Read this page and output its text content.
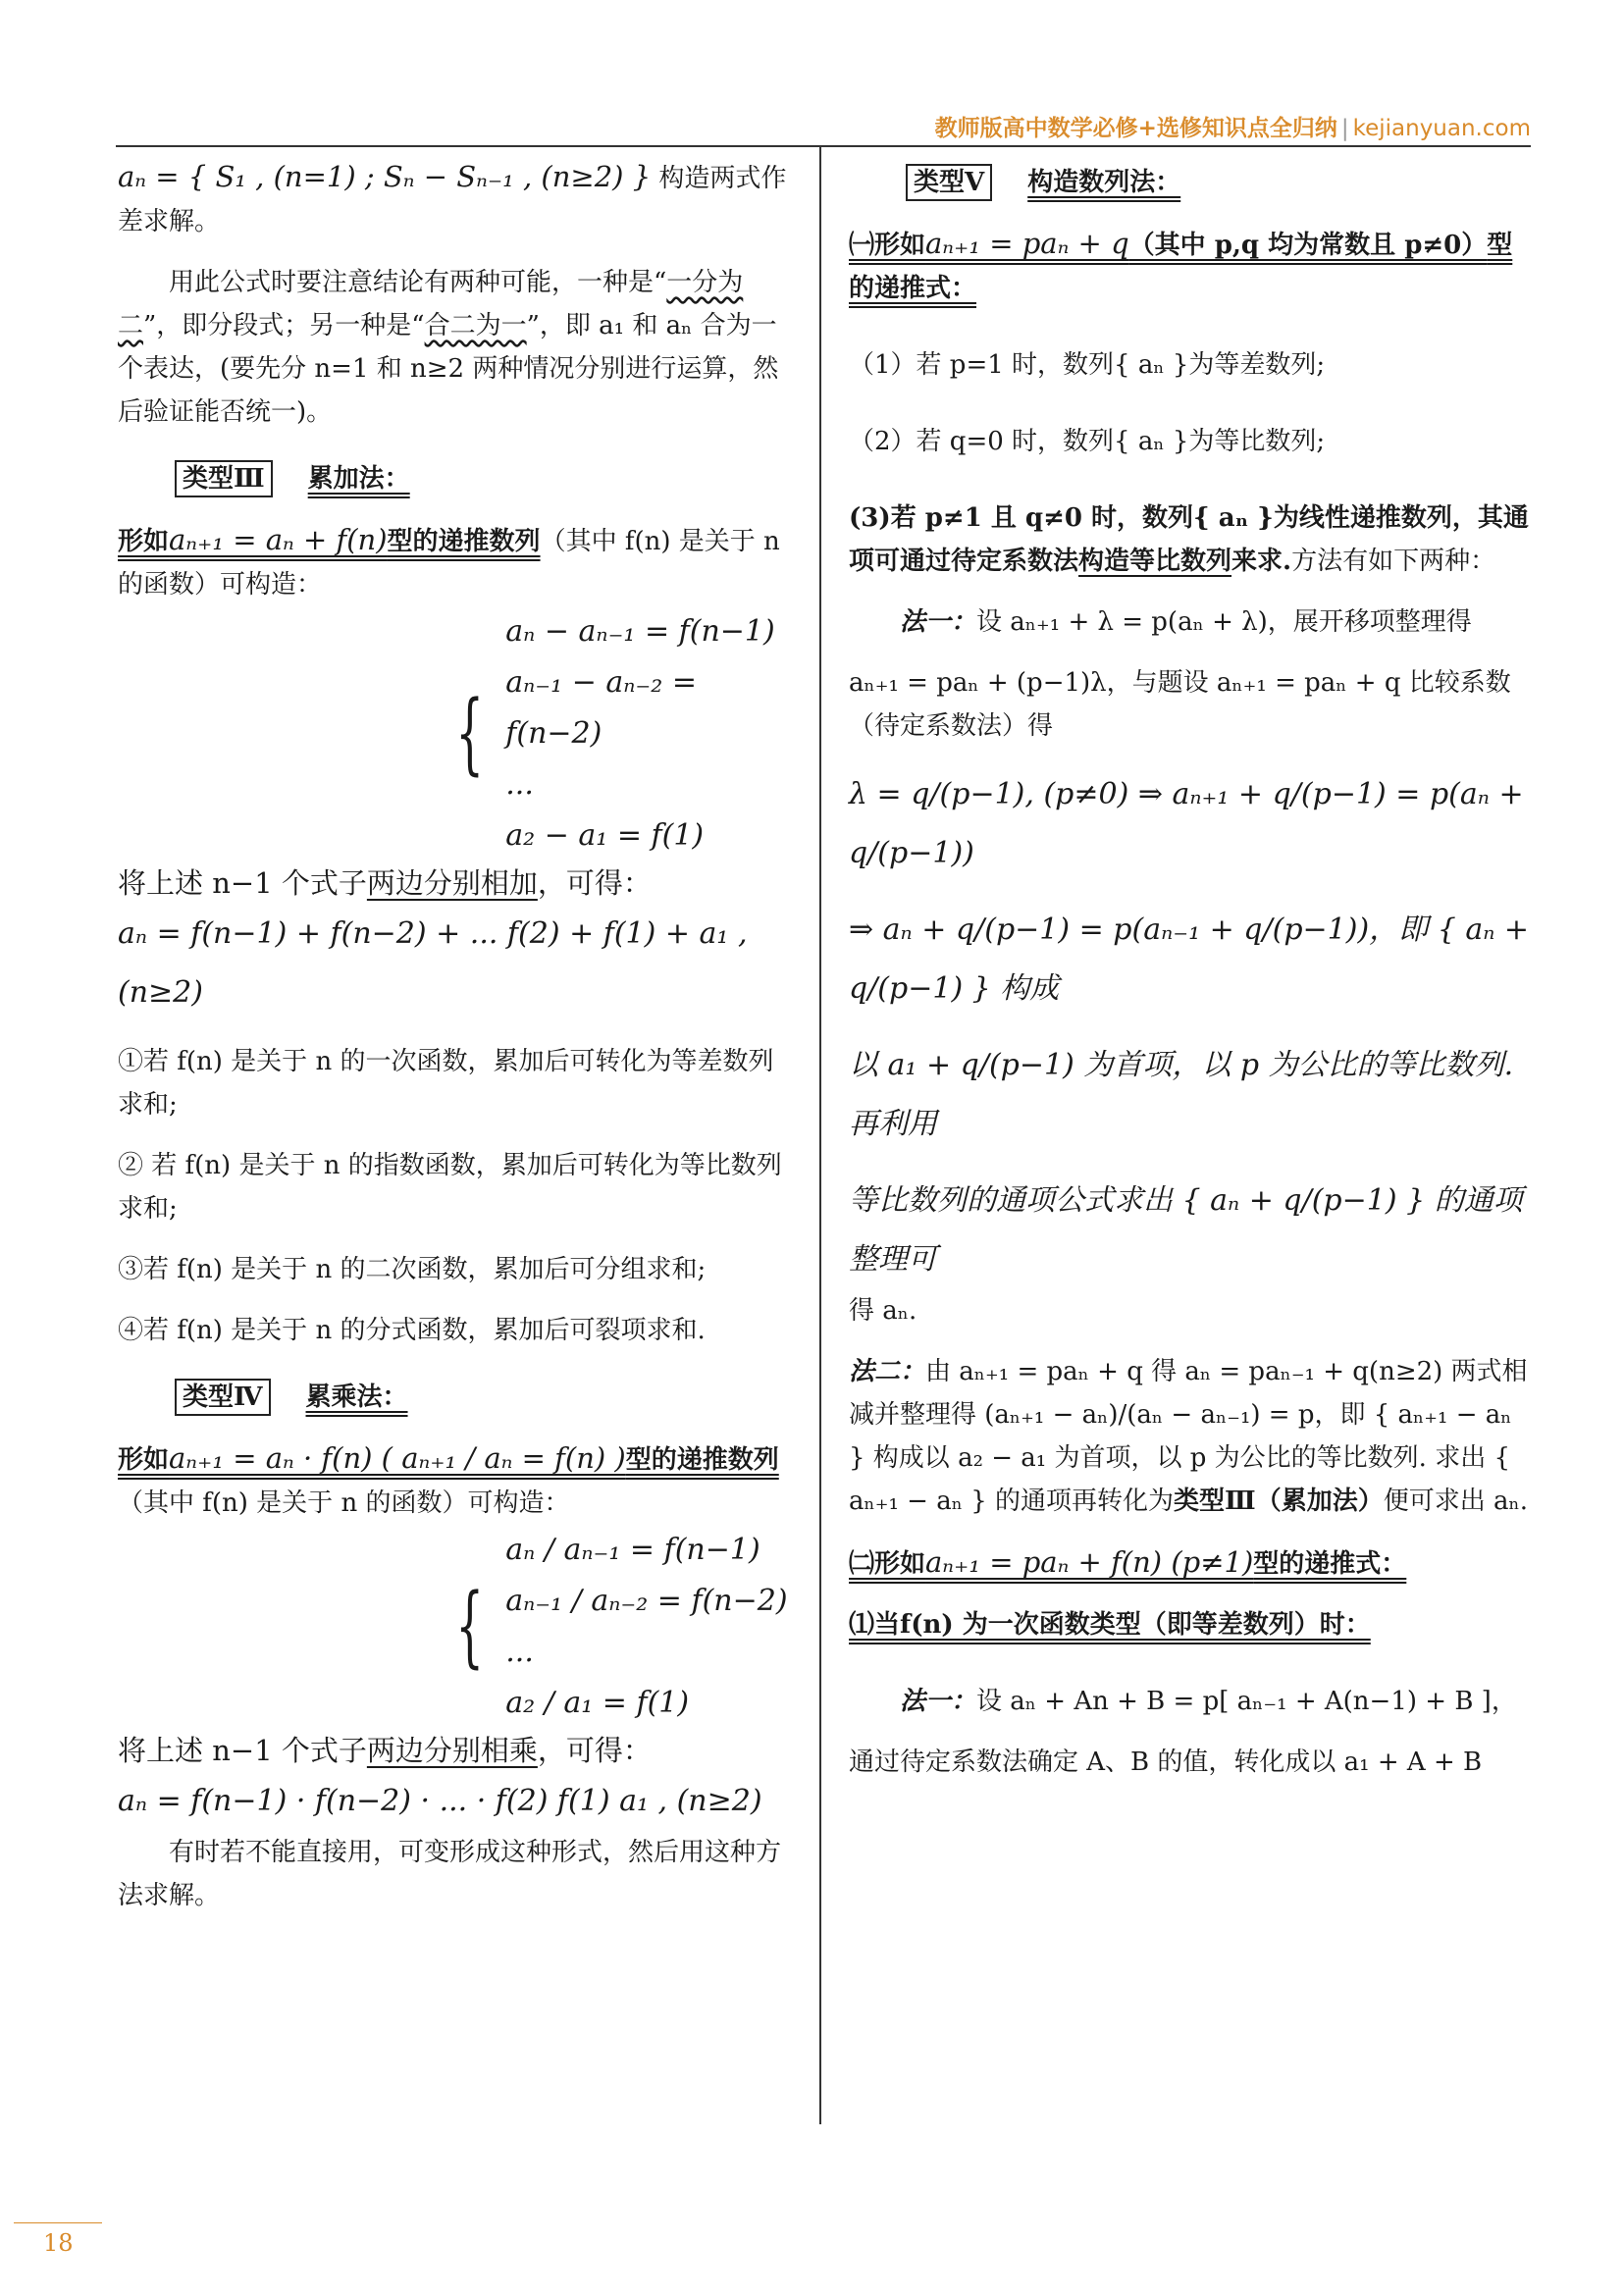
教师版高中数学必修+选修知识点全归纳 | kejianyuan.com

aₙ = { S₁ , (n=1) ; Sₙ − Sₙ₋₁ , (n≥2) } 构造两式作差求解。

用此公式时要注意结论有两种可能，一种是“一分为二”，即分段式；另一种是“合二为一”，即 a₁ 和 aₙ 合为一个表达，(要先分 n=1 和 n≥2 两种情况分别进行运算，然后验证能否统一)。

类型Ⅲ 累加法：

形如aₙ₊₁ = aₙ + f(n)型的递推数列（其中 f(n) 是关于 n 的函数）可构造：

{
aₙ − aₙ₋₁ = f(n−1)
aₙ₋₁ − aₙ₋₂ = f(n−2)
...
a₂ − a₁ = f(1)

将上述 n−1 个式子两边分别相加，可得：

aₙ = f(n−1) + f(n−2) + ... f(2) + f(1) + a₁ , (n≥2)

①若 f(n) 是关于 n 的一次函数，累加后可转化为等差数列求和;

② 若 f(n) 是关于 n 的指数函数，累加后可转化为等比数列求和;

③若 f(n) 是关于 n 的二次函数，累加后可分组求和;

④若 f(n) 是关于 n 的分式函数，累加后可裂项求和.

类型Ⅳ 累乘法：

形如aₙ₊₁ = aₙ · f(n) ( aₙ₊₁ / aₙ = f(n) )型的递推数列（其中 f(n) 是关于 n 的函数）可构造：

{
aₙ / aₙ₋₁ = f(n−1)
aₙ₋₁ / aₙ₋₂ = f(n−2)
...
a₂ / a₁ = f(1)

将上述 n−1 个式子两边分别相乘，可得：

aₙ = f(n−1) · f(n−2) · ... · f(2) f(1) a₁ , (n≥2)

有时若不能直接用，可变形成这种形式，然后用这种方法求解。

类型Ⅴ 构造数列法：

㈠形如aₙ₊₁ = paₙ + q（其中 p,q 均为常数且 p≠0）型的递推式：

（1）若 p=1 时，数列{ aₙ }为等差数列;

（2）若 q=0 时，数列{ aₙ }为等比数列;

(3)若 p≠1 且 q≠0 时，数列{ aₙ }为线性递推数列，其通项可通过待定系数法构造等比数列来求.方法有如下两种：

法一：设 aₙ₊₁ + λ = p(aₙ + λ)，展开移项整理得

aₙ₊₁ = paₙ + (p−1)λ，与题设 aₙ₊₁ = paₙ + q 比较系数（待定系数法）得

λ = q/(p−1), (p≠0) ⇒ aₙ₊₁ + q/(p−1) = p(aₙ + q/(p−1))
⇒ aₙ + q/(p−1) = p(aₙ₋₁ + q/(p−1))，即 { aₙ + q/(p−1) } 构成
以 a₁ + q/(p−1) 为首项，以 p 为公比的等比数列. 再利用
等比数列的通项公式求出 { aₙ + q/(p−1) } 的通项整理可

得 aₙ.

法二：由 aₙ₊₁ = paₙ + q 得 aₙ = paₙ₋₁ + q(n≥2) 两式相减并整理得 (aₙ₊₁ − aₙ)/(aₙ − aₙ₋₁) = p，即 { aₙ₊₁ − aₙ } 构成以 a₂ − a₁ 为首项，以 p 为公比的等比数列. 求出 { aₙ₊₁ − aₙ } 的通项再转化为类型Ⅲ（累加法）便可求出 aₙ.

㈡形如aₙ₊₁ = paₙ + f(n) (p≠1)型的递推式：

⑴当f(n) 为一次函数类型（即等差数列）时：

法一：设 aₙ + An + B = p[ aₙ₋₁ + A(n−1) + B ]，

通过待定系数法确定 A、B 的值，转化成以 a₁ + A + B

18
